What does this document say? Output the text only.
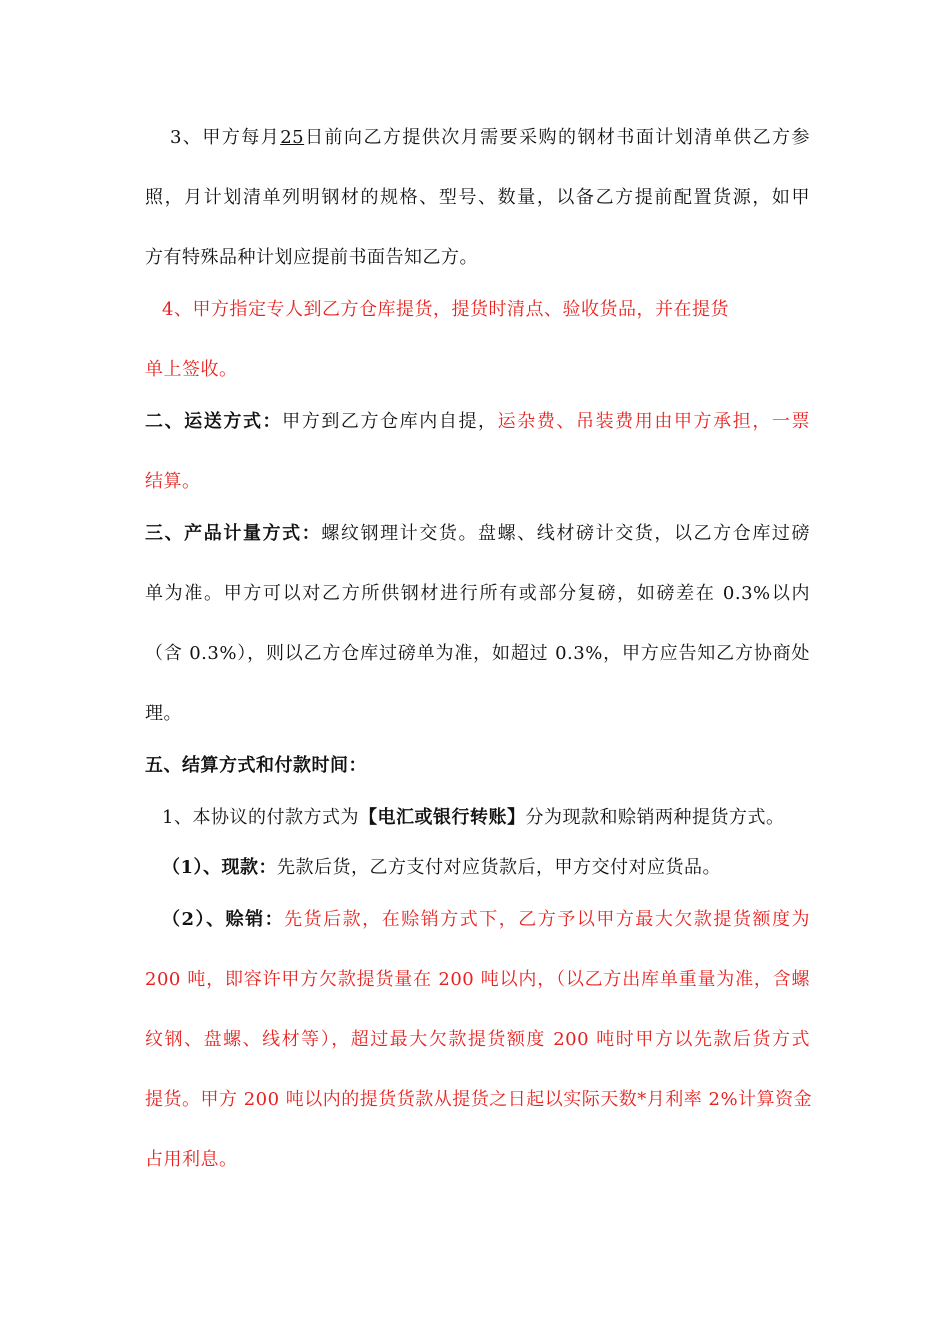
3、甲方每月25日前向乙方提供次月需要采购的钢材书面计划清单供乙方参
照，月计划清单列明钢材的规格、型号、数量，以备乙方提前配置货源，如甲
方有特殊品种计划应提前书面告知乙方。
4、甲方指定专人到乙方仓库提货，提货时清点、验收货品，并在提货
单上签收。
二、运送方式：甲方到乙方仓库内自提，运杂费、吊装费用由甲方承担，一票
结算。
三、产品计量方式：螺纹钢理计交货。盘螺、线材磅计交货，以乙方仓库过磅
单为准。甲方可以对乙方所供钢材进行所有或部分复磅，如磅差在 0.3%以内
（含 0.3%），则以乙方仓库过磅单为准，如超过 0.3%，甲方应告知乙方协商处
理。
五、结算方式和付款时间：
1、本协议的付款方式为【电汇或银行转账】分为现款和赊销两种提货方式。
（1）、现款：先款后货，乙方支付对应货款后，甲方交付对应货品。
（2）、赊销：先货后款，在赊销方式下，乙方予以甲方最大欠款提货额度为
200 吨，即容许甲方欠款提货量在 200 吨以内，（以乙方出库单重量为准，含螺
纹钢、盘螺、线材等），超过最大欠款提货额度 200 吨时甲方以先款后货方式
提货。甲方 200 吨以内的提货货款从提货之日起以实际天数*月利率 2%计算资金
占用利息。
